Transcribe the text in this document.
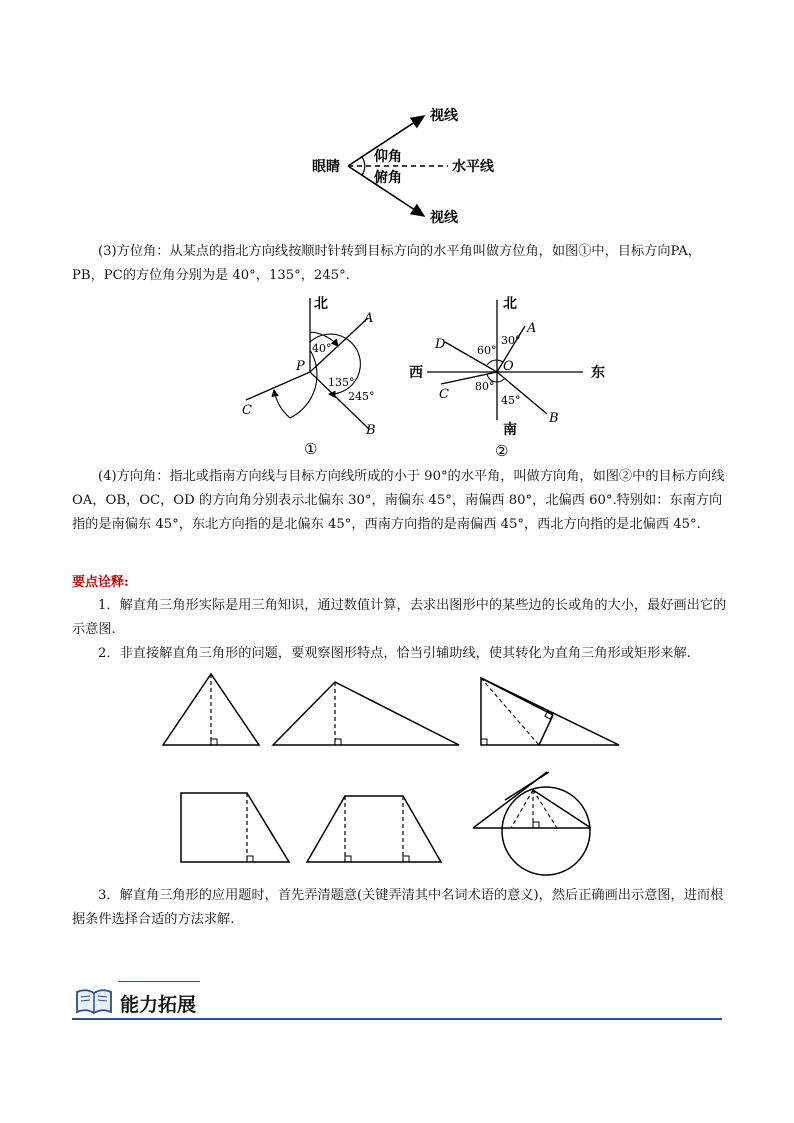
眼睛
视线
仰角
水平线
俯角
视线

(3)方位角：从某点的指北方向线按顺时针转到目标方向的水平角叫做方位角，如图①中，目标方向PA，PB，PC的方位角分别为是 40°，135°，245°.

北
A
B
C
P
40°
135°
245°
①
北
南
东
西
A
B
C
D
O
30°
60°
80°
45°
②

(4)方向角：指北或指南方向线与目标方向线所成的小于 90°的水平角，叫做方向角，如图②中的目标方向线OA，OB，OC，OD 的方向角分别表示北偏东 30°，南偏东 45°，南偏西 80°，北偏西 60°.特别如：东南方向指的是南偏东 45°，东北方向指的是北偏东 45°，西南方向指的是南偏西 45°，西北方向指的是北偏西 45°.

要点诠释:

1．解直角三角形实际是用三角知识，通过数值计算，去求出图形中的某些边的长或角的大小，最好画出它的示意图.

2．非直接解直角三角形的问题，要观察图形特点，恰当引辅助线，使其转化为直角三角形或矩形来解.

3．解直角三角形的应用题时，首先弄清题意(关键弄清其中名词术语的意义)，然后正确画出示意图，进而根据条件选择合适的方法求解.

能力拓展
